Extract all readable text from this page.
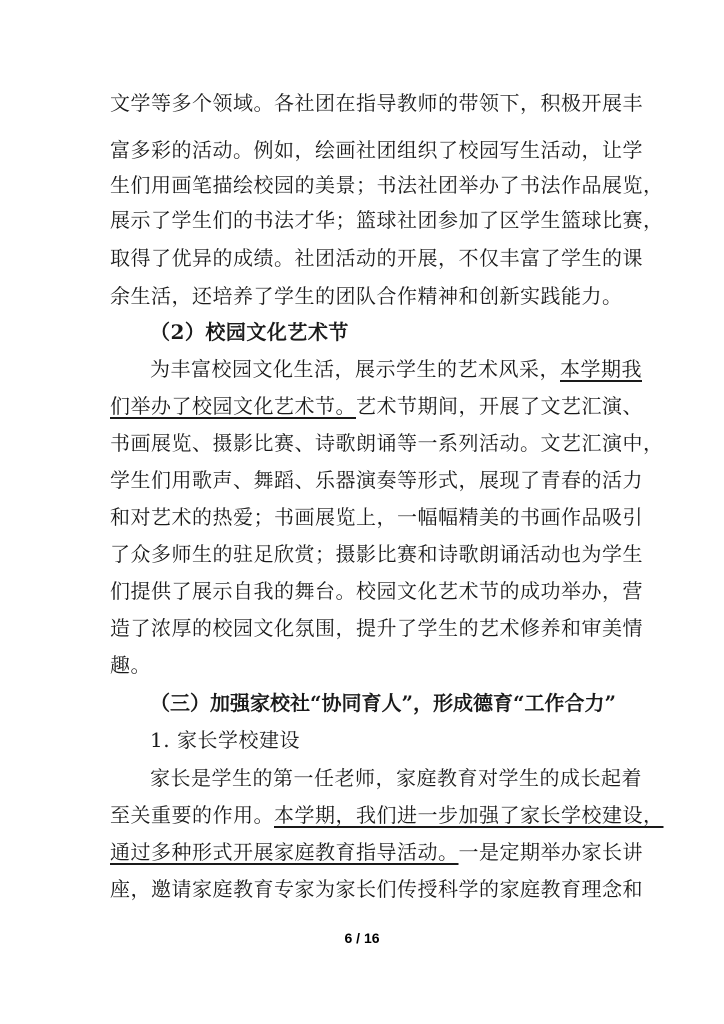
文学等多个领域。各社团在指导教师的带领下，积极开展丰
富多彩的活动。例如，绘画社团组织了校园写生活动，让学
生们用画笔描绘校园的美景；书法社团举办了书法作品展览，
展示了学生们的书法才华；篮球社团参加了区学生篮球比赛，
取得了优异的成绩。社团活动的开展，不仅丰富了学生的课
余生活，还培养了学生的团队合作精神和创新实践能力。
（2）校园文化艺术节
为丰富校园文化生活，展示学生的艺术风采，本学期我
们举办了校园文化艺术节。艺术节期间，开展了文艺汇演、
书画展览、摄影比赛、诗歌朗诵等一系列活动。文艺汇演中，
学生们用歌声、舞蹈、乐器演奏等形式，展现了青春的活力
和对艺术的热爱；书画展览上，一幅幅精美的书画作品吸引
了众多师生的驻足欣赏；摄影比赛和诗歌朗诵活动也为学生
们提供了展示自我的舞台。校园文化艺术节的成功举办，营
造了浓厚的校园文化氛围，提升了学生的艺术修养和审美情
趣。
（三）加强家校社“协同育人”，形成德育“工作合力”
1. 家长学校建设
家长是学生的第一任老师，家庭教育对学生的成长起着
至关重要的作用。本学期，我们进一步加强了家长学校建设，
通过多种形式开展家庭教育指导活动。一是定期举办家长讲
座，邀请家庭教育专家为家长们传授科学的家庭教育理念和
6 / 16
